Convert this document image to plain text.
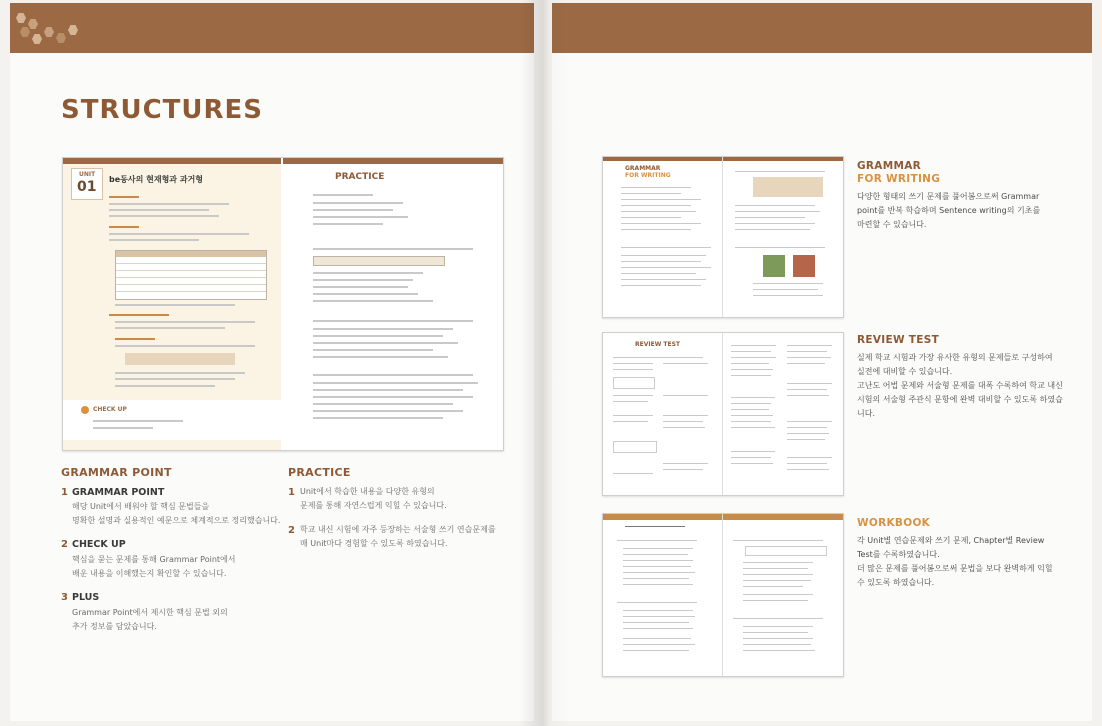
STRUCTURES
UNIT
01 be동사의 현재형과 과거형
CHECK UP
PRACTICE
GRAMMAR POINT
1 GRAMMAR POINT
해당 Unit에서 배워야 할 핵심 문법들을
명확한 설명과 실용적인 예문으로 체계적으로 정리했습니다.
2 CHECK UP
핵심을 묻는 문제를 통해 Grammar Point에서
배운 내용을 이해했는지 확인할 수 있습니다.
3 PLUS
Grammar Point에서 제시한 핵심 문법 외의
추가 정보를 담았습니다.
PRACTICE
1 Unit에서 학습한 내용을 다양한 유형의
문제를 통해 자연스럽게 익힐 수 있습니다.
2 학교 내신 시험에 자주 등장하는 서술형 쓰기 연습문제를
매 Unit마다 경험할 수 있도록 하였습니다.
GRAMMAR
FOR WRITING
REVIEW TEST
GRAMMAR
FOR WRITING
다양한 형태의 쓰기 문제를 풀어봄으로써 Grammar
point를 반복 학습하며 Sentence writing의 기초를
마련할 수 있습니다.
REVIEW TEST
실제 학교 시험과 가장 유사한 유형의 문제들로 구성하여
실전에 대비할 수 있습니다.
고난도 어법 문제와 서술형 문제를 대폭 수록하여 학교 내신
시험의 서술형 주관식 문항에 완벽 대비할 수 있도록 하였습
니다.
WORKBOOK
각 Unit별 연습문제와 쓰기 문제, Chapter별 Review
Test를 수록하였습니다.
더 많은 문제를 풀어봄으로써 문법을 보다 완벽하게 익힐
수 있도록 하였습니다.
